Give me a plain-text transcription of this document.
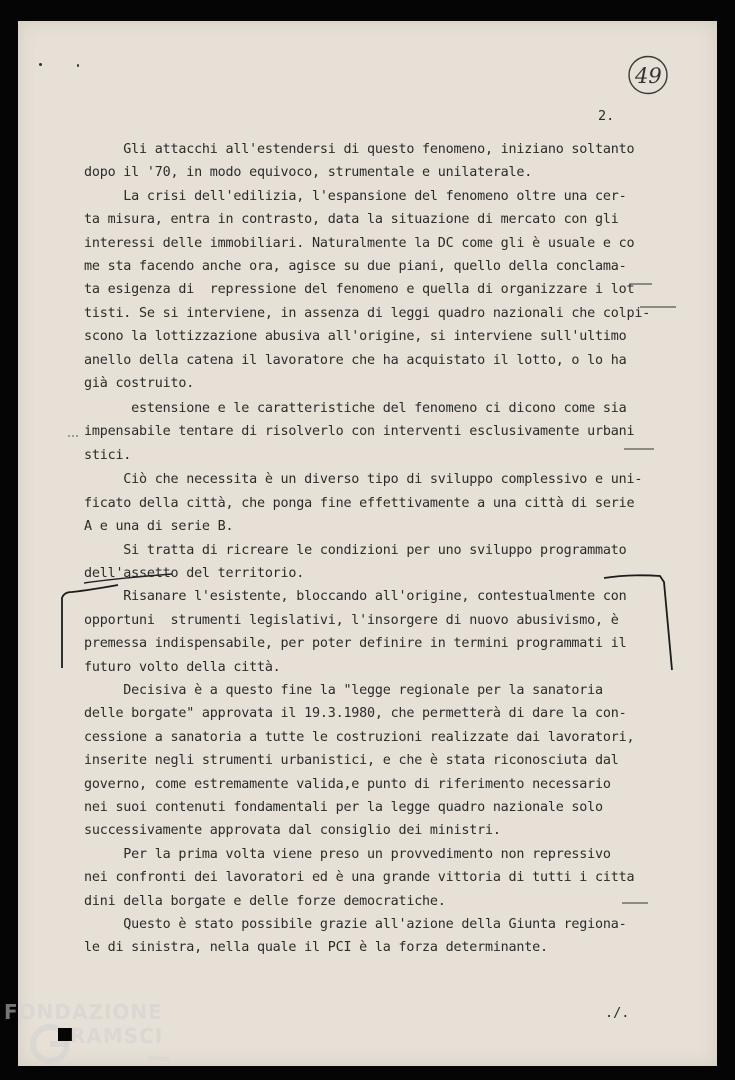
49
2.
Gli attacchi all'estendersi di questo fenomeno, iniziano soltanto
dopo il '70, in modo equivoco, strumentale e unilaterale.
La crisi dell'edilizia, l'espansione del fenomeno oltre una cer-
ta misura, entra in contrasto, data la situazione di mercato con gli
interessi delle immobiliari. Naturalmente la DC come gli è usuale e co
me sta facendo anche ora, agisce su due piani, quello della conclama-
ta esigenza di  repressione del fenomeno e quella di organizzare i lot
tisti. Se si interviene, in assenza di leggi quadro nazionali che colpi-
scono la lottizzazione abusiva all'origine, si interviene sull'ultimo
anello della catena il lavoratore che ha acquistato il lotto, o lo ha
già costruito.
estensione e le caratteristiche del fenomeno ci dicono come sia
impensabile tentare di risolverlo con interventi esclusivamente urbani
stici.
Ciò che necessita è un diverso tipo di sviluppo complessivo e uni-
ficato della città, che ponga fine effettivamente a una città di serie
A e una di serie B.
Si tratta di ricreare le condizioni per uno sviluppo programmato
dell'assetto del territorio.
Risanare l'esistente, bloccando all'origine, contestualmente con
opportuni  strumenti legislativi, l'insorgere di nuovo abusivismo, è
premessa indispensabile, per poter definire in termini programmati il
futuro volto della città.
Decisiva è a questo fine la "legge regionale per la sanatoria
delle borgate" approvata il 19.3.1980, che permetterà di dare la con-
cessione a sanatoria a tutte le costruzioni realizzate dai lavoratori,
inserite negli strumenti urbanistici, e che è stata riconosciuta dal
governo, come estremamente valida,e punto di riferimento necessario
nei suoi contenuti fondamentali per la legge quadro nazionale solo
successivamente approvata dal consiglio dei ministri.
Per la prima volta viene preso un provvedimento non repressivo
nei confronti dei lavoratori ed è una grande vittoria di tutti i citta
dini della borgate e delle forze democratiche.
Questo è stato possibile grazie all'azione della Giunta regiona-
le di sinistra, nella quale il PCI è la forza determinante.
./.
FONDAZIONE
RAMSCI
onlus
